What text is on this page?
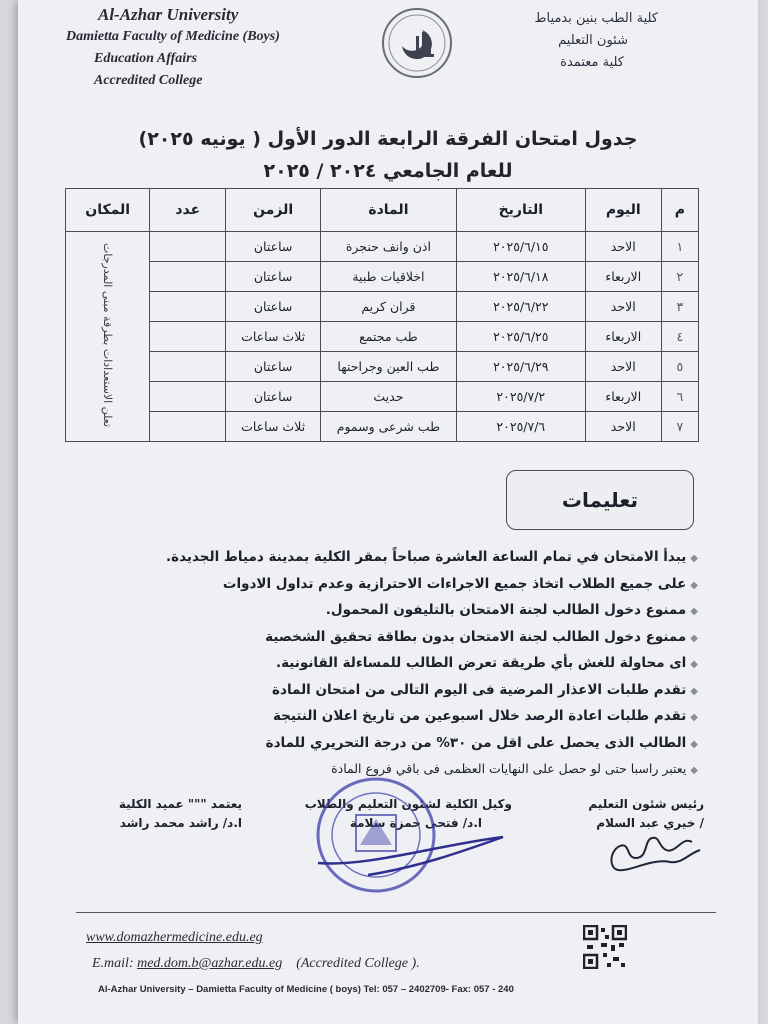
Al-Azhar University
Damietta Faculty of Medicine (Boys)
Education Affairs
Accredited College
كلية الطب بنين بدمياط
شئون التعليم
كلية معتمدة
جدول امتحان الفرقة الرابعة الدور الأول ( يونيه ٢٠٢٥)
للعام الجامعي ٢٠٢٤ / ٢٠٢٥
م	اليوم	التاريخ	المادة	الزمن	عدد	المكان
١	الاحد	٢٠٢٥/٦/١٥	اذن وانف حنجرة	ساعتان		تعلن الاستعدادات بطرقة مبنى المدرجات
٢	الاربعاء	٢٠٢٥/٦/١٨	اخلاقيات طبية	ساعتان		
٣	الاحد	٢٠٢٥/٦/٢٢	قران كريم	ساعتان		
٤	الاربعاء	٢٠٢٥/٦/٢٥	طب مجتمع	ثلاث ساعات		
٥	الاحد	٢٠٢٥/٦/٢٩	طب العين وجراحتها	ساعتان		
٦	الاربعاء	٢٠٢٥/٧/٢	حديث	ساعتان		
٧	الاحد	٢٠٢٥/٧/٦	طب شرعى وسموم	ثلاث ساعات		
تعليمات
◆يبدأ الامتحان في تمام الساعة العاشرة صباحاً بمقر الكلية بمدينة دمياط الجديدة.
◆على جميع الطلاب اتخاذ جميع الاجراءات الاحترازية وعدم تداول الادوات
◆ممنوع دخول الطالب لجنة الامتحان بالتليفون المحمول.
◆ممنوع دخول الطالب لجنة الامتحان بدون بطاقة تحقيق الشخصية
◆اى محاولة للغش بأي طريقة تعرض الطالب للمساءلة القانونية.
◆تقدم طلبات الاعذار المرضية فى اليوم التالى من امتحان المادة
◆تقدم طلبات اعادة الرصد خلال اسبوعين من تاريخ اعلان النتيجة
◆الطالب الذى يحصل على اقل من ٣٠% من درجة التحريري للمادة
◆يعتبر راسبا حتى لو حصل على النهايات العظمى فى باقي فروع المادة
رئيس شئون التعليم
/ خيري عبد السلام
وكيل الكلية لشئون التعليم والطلاب
ا.د/ فتحى حمزة سلامة
يعتمد """ عميد الكلية
ا.د/ راشد محمد راشد
www.domazhermedicine.edu.eg
E.mail: med.dom.b@azhar.edu.eg (Accredited College ).
Al-Azhar University – Damietta Faculty of Medicine ( boys) Tel: 057 – 2402709- Fax: 057 - 240
